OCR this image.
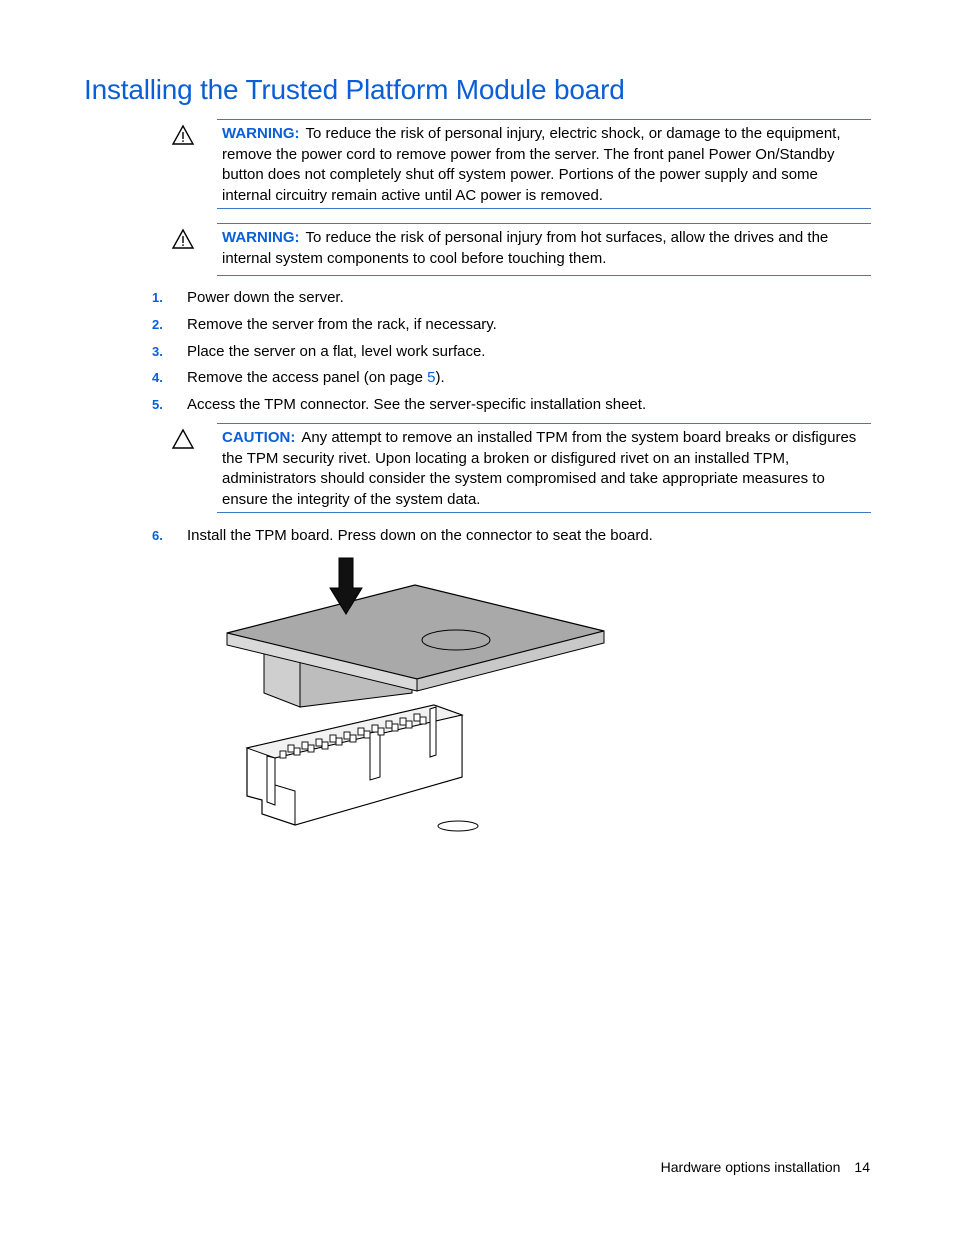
Installing the Trusted Platform Module board
WARNING: To reduce the risk of personal injury, electric shock, or damage to the equipment, remove the power cord to remove power from the server. The front panel Power On/Standby button does not completely shut off system power. Portions of the power supply and some internal circuitry remain active until AC power is removed.
WARNING: To reduce the risk of personal injury from hot surfaces, allow the drives and the internal system components to cool before touching them.
1. Power down the server.
2. Remove the server from the rack, if necessary.
3. Place the server on a flat, level work surface.
4. Remove the access panel (on page 5).
5. Access the TPM connector. See the server-specific installation sheet.
6. Install the TPM board. Press down on the connector to seat the board.
CAUTION: Any attempt to remove an installed TPM from the system board breaks or disfigures the TPM security rivet. Upon locating a broken or disfigured rivet on an installed TPM, administrators should consider the system compromised and take appropriate measures to ensure the integrity of the system data.
Hardware options installation 14
